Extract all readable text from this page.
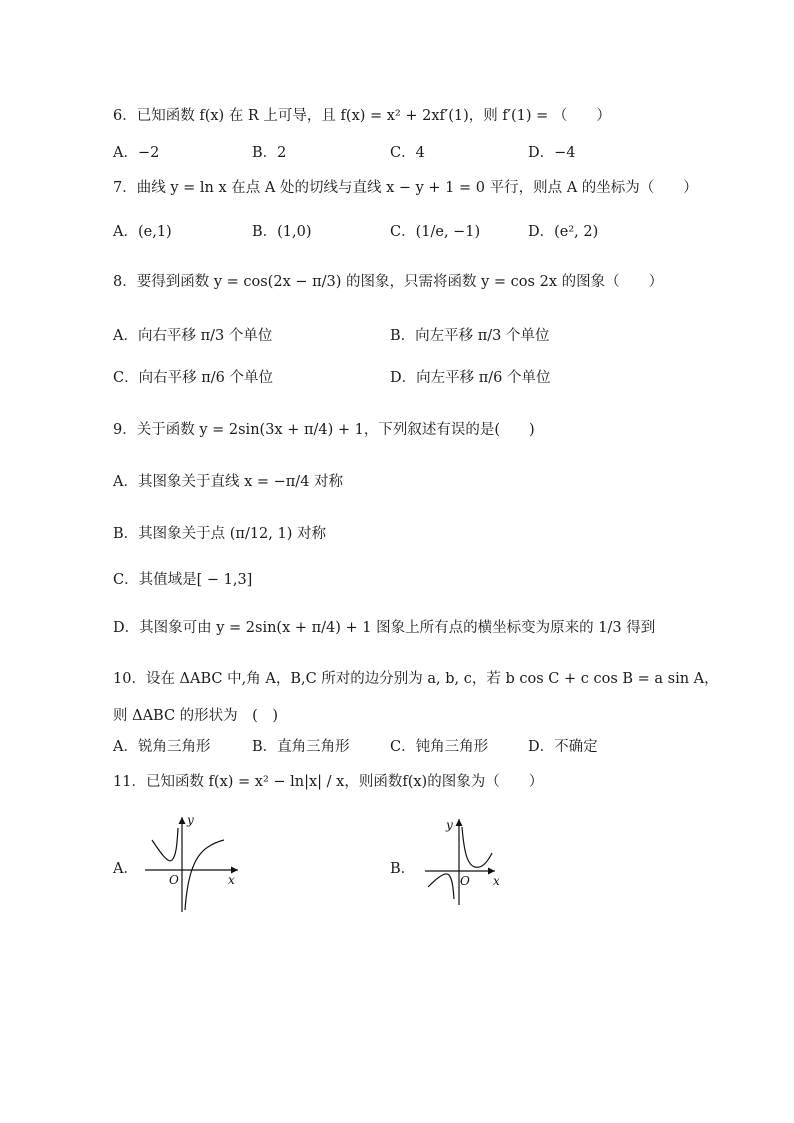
6．已知函数 f(x) 在 R 上可导，且 f(x) = x² + 2xf′(1)，则 f′(1) = （　　）
A．−2	B．2	C．4	D．−4
7．曲线 y = ln x 在点 A 处的切线与直线 x − y + 1 = 0 平行，则点 A 的坐标为（　　）
A．(e,1)	B．(1,0)	C．(1/e, −1)	D．(e², 2)
8．要得到函数 y = cos(2x − π/3) 的图象，只需将函数 y = cos 2x 的图象（　　）
A．向右平移 π/3 个单位	B．向左平移 π/3 个单位
C．向右平移 π/6 个单位	D．向左平移 π/6 个单位
9．关于函数 y = 2sin(3x + π/4) + 1，下列叙述有误的是(　　)
A．其图象关于直线 x = −π/4 对称
B．其图象关于点 (π/12, 1) 对称
C．其值域是[ − 1,3]
D．其图象可由 y = 2sin(x + π/4) + 1 图象上所有点的横坐标变为原来的 1/3 得到
10．设在 ΔABC 中,角 A，B,C 所对的边分别为 a, b, c，若 b cos C + c cos B = a sin A，
则 ΔABC 的形状为　(　)
A．锐角三角形	B．直角三角形	C．钝角三角形	D．不确定
11．已知函数 f(x) = x² − ln|x| / x，则函数f(x)的图象为（　　）
A．	B．
y
x
O
y
x
O
